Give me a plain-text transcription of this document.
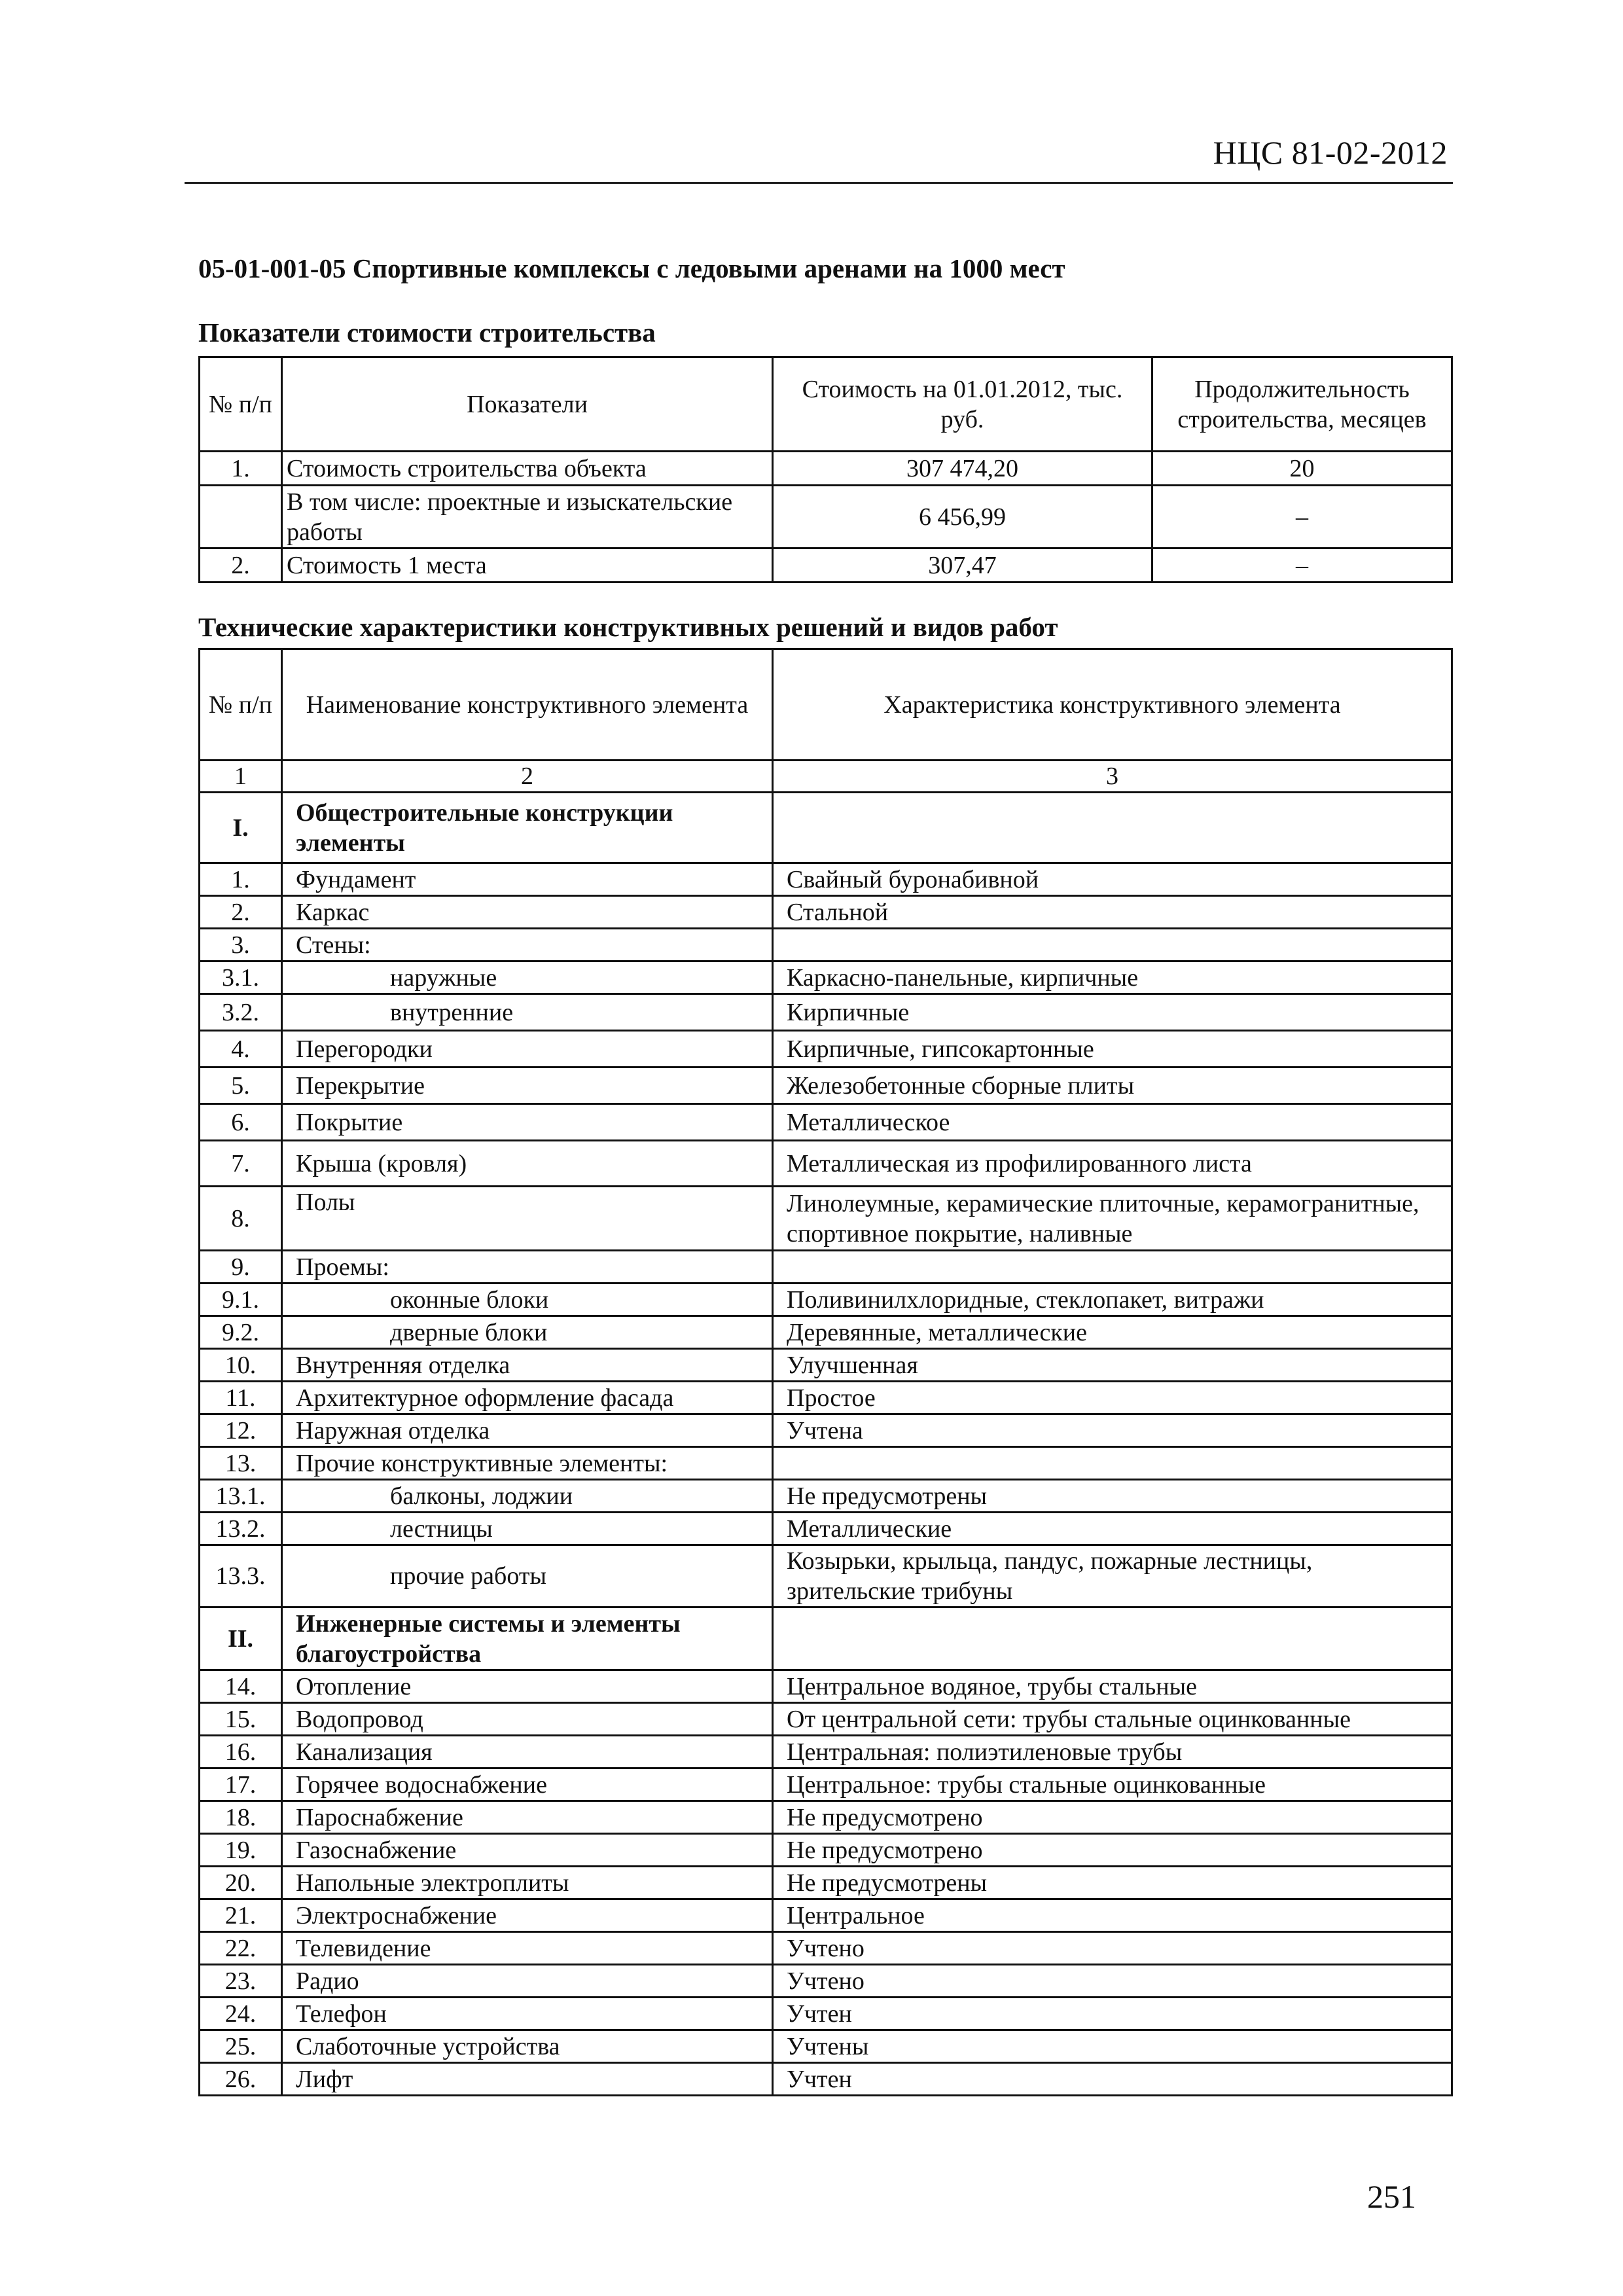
НЦС 81-02-2012
05-01-001-05 Спортивные комплексы с ледовыми аренами на 1000 мест
Показатели стоимости строительства
№ п/п	Показатели	Стоимость на 01.01.2012, тыс. руб.	Продолжительность строительства, месяцев
1.	Стоимость строительства объекта	307 474,20	20
	В том числе: проектные и изыскательские работы	6 456,99	–
2.	Стоимость 1 места	307,47	–
Технические характеристики конструктивных решений и видов работ
№ п/п	Наименование конструктивного элемента	Характеристика конструктивного элемента
1	2	3
I.	Общестроительные конструкции элементы	
1.	Фундамент	Свайный буронабивной
2.	Каркас	Стальной
3.	Стены:	
3.1.	наружные	Каркасно-панельные, кирпичные
3.2.	внутренние	Кирпичные
4.	Перегородки	Кирпичные, гипсокартонные
5.	Перекрытие	Железобетонные сборные плиты
6.	Покрытие	Металлическое
7.	Крыша (кровля)	Металлическая из профилированного листа
8.	Полы	Линолеумные, керамические плиточные, керамогранитные, спортивное покрытие, наливные
9.	Проемы:	
9.1.	оконные блоки	Поливинилхлоридные, стеклопакет, витражи
9.2.	дверные блоки	Деревянные, металлические
10.	Внутренняя отделка	Улучшенная
11.	Архитектурное оформление фасада	Простое
12.	Наружная отделка	Учтена
13.	Прочие конструктивные элементы:	
13.1.	балконы, лоджии	Не предусмотрены
13.2.	лестницы	Металлические
13.3.	прочие работы	Козырьки, крыльца, пандус, пожарные лестницы, зрительские трибуны
II.	Инженерные системы и элементы благоустройства	
14.	Отопление	Центральное водяное, трубы стальные
15.	Водопровод	От центральной сети: трубы стальные оцинкованные
16.	Канализация	Центральная: полиэтиленовые трубы
17.	Горячее водоснабжение	Центральное: трубы стальные оцинкованные
18.	Пароснабжение	Не предусмотрено
19.	Газоснабжение	Не предусмотрено
20.	Напольные электроплиты	Не предусмотрены
21.	Электроснабжение	Центральное
22.	Телевидение	Учтено
23.	Радио	Учтено
24.	Телефон	Учтен
25.	Слаботочные устройства	Учтены
26.	Лифт	Учтен
251
